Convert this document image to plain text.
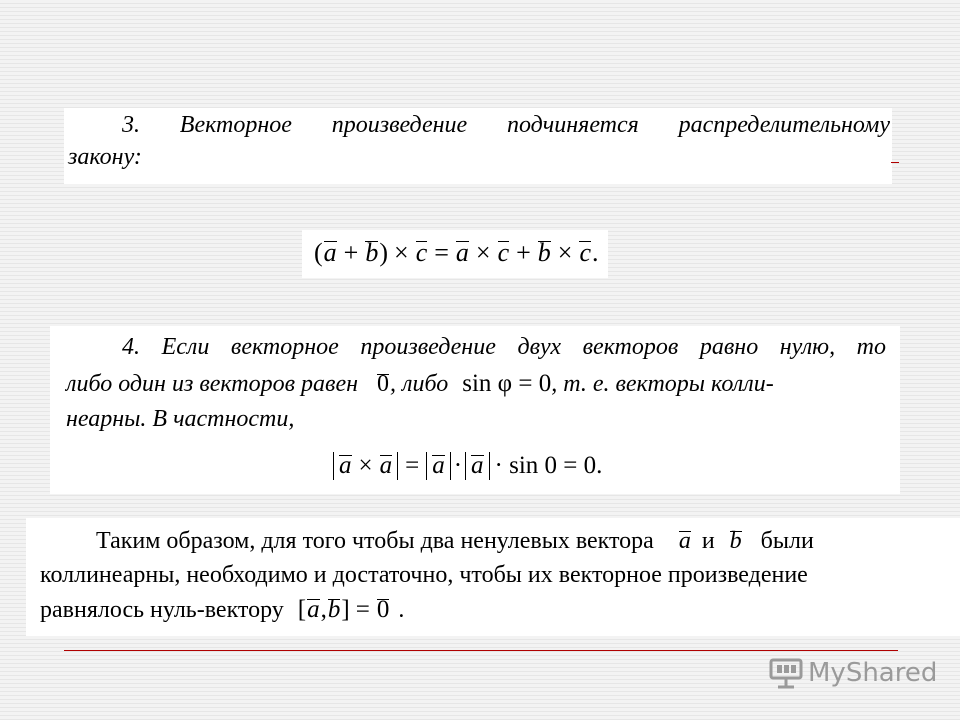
3. Векторное произведение подчиняется распределительному
закону:
(a + b) × c = a × c + b × c.
4. Если векторное произведение двух векторов равно нулю, то
либо один из векторов равен 0, либо sin φ = 0, т. е. векторы колли-
неарны. В частности,
a × a = a · a · sin 0 = 0.
Таким образом, для того чтобы два ненулевых вектора a и b были
коллинеарны, необходимо и достаточно, чтобы их векторное произведение
равнялось нуль-вектору [a,b] = 0 .
MyShared
